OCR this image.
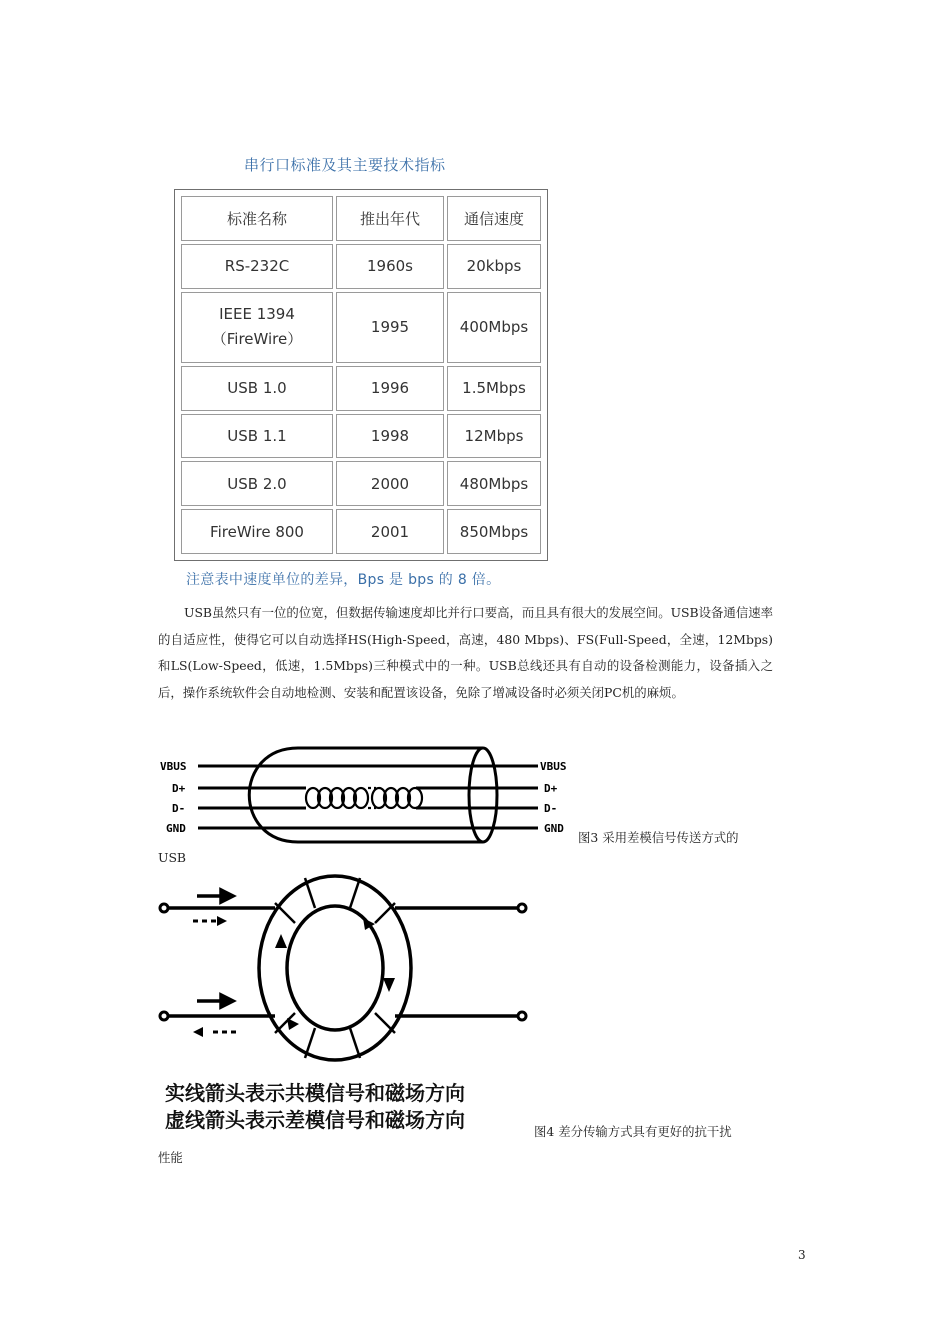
串行口标准及其主要技术指标
标准名称	推出年代	通信速度
RS-232C	1960s	20kbps
IEEE 1394
（FireWire）	1995	400Mbps
USB 1.0	1996	1.5Mbps
USB 1.1	1998	12Mbps
USB 2.0	2000	480Mbps
FireWire 800	2001	850Mbps
注意表中速度单位的差异，Bps 是 bps 的 8 倍。
USB虽然只有一位的位宽，但数据传输速度却比并行口要高，而且具有很大的发展空间。USB设备通信速率的自适应性，使得它可以自动选择HS(High-Speed，高速，480 Mbps)、FS(Full-Speed，全速，12Mbps)和LS(Low-Speed，低速，1.5Mbps)三种模式中的一种。USB总线还具有自动的设备检测能力，设备插入之后，操作系统软件会自动地检测、安装和配置该设备，免除了增减设备时必须关闭PC机的麻烦。
VBUS
D+
D-
GND
VBUS
D+
D-
GND
图3 采用差模信号传送方式的
USB
实线箭头表示共模信号和磁场方向
虚线箭头表示差模信号和磁场方向	图4 差分传输方式具有更好的抗干扰
性能
3
